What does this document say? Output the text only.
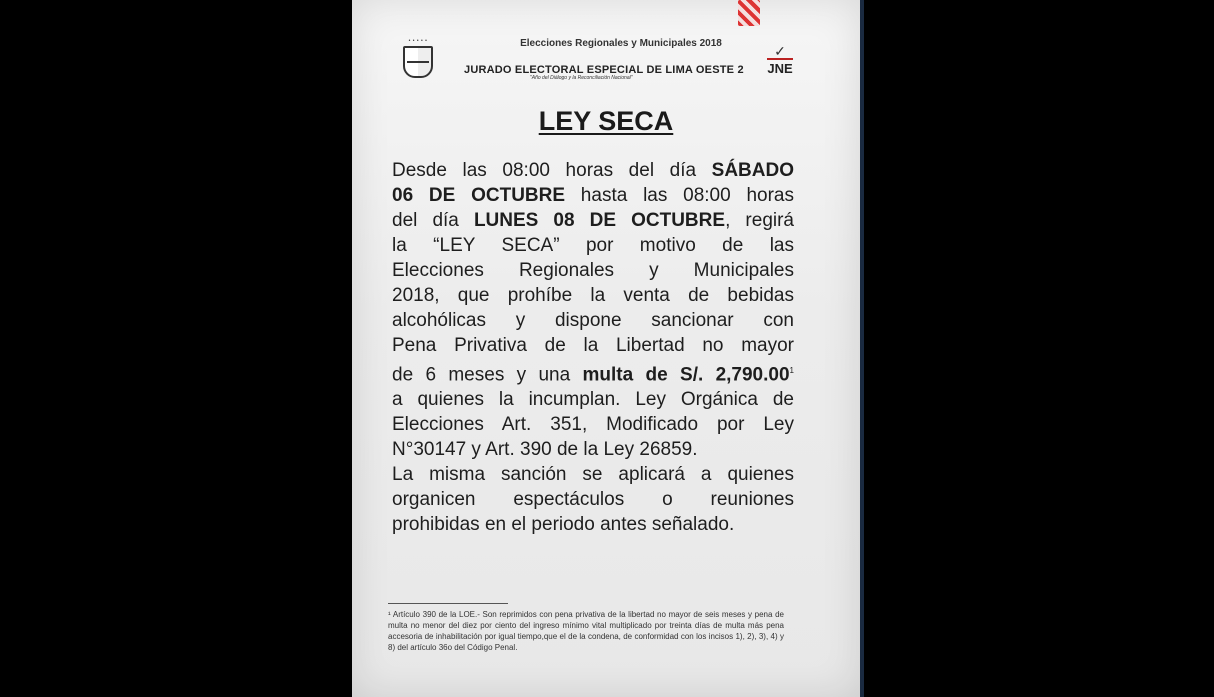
• • • • •	Elecciones Regionales y Municipales 2018
JURADO ELECTORAL ESPECIAL DE LIMA OESTE 2
"Año del Diálogo y la Reconciliación Nacional"
✓
JNE
LEY SECA
Desde las 08:00 horas del día SÁBADO
06 DE OCTUBRE hasta las 08:00 horas
del día LUNES 08 DE OCTUBRE, regirá
la “LEY SECA” por motivo de las
Elecciones Regionales y Municipales
2018, que prohíbe la venta de bebidas
alcohólicas y dispone sancionar con
Pena Privativa de la Libertad no mayor
de 6 meses y una multa de S/. 2,790.00$^1$
a quienes la incumplan. Ley Orgánica de
Elecciones Art. 351, Modificado por Ley
N°30147 y Art. 390 de la Ley 26859.
La misma sanción se aplicará a quienes
organicen espectáculos o reuniones
prohibidas en el periodo antes señalado.
¹ Artículo 390 de la LOE.- Son reprimidos con pena privativa de la libertad no mayor de seis meses y pena de multa no menor del diez por ciento del ingreso mínimo vital multiplicado por treinta días de multa más pena accesoria de inhabilitación por igual tiempo,que el de la condena, de conformidad con los incisos 1), 2), 3), 4) y 8) del artículo 36o del Código Penal.
